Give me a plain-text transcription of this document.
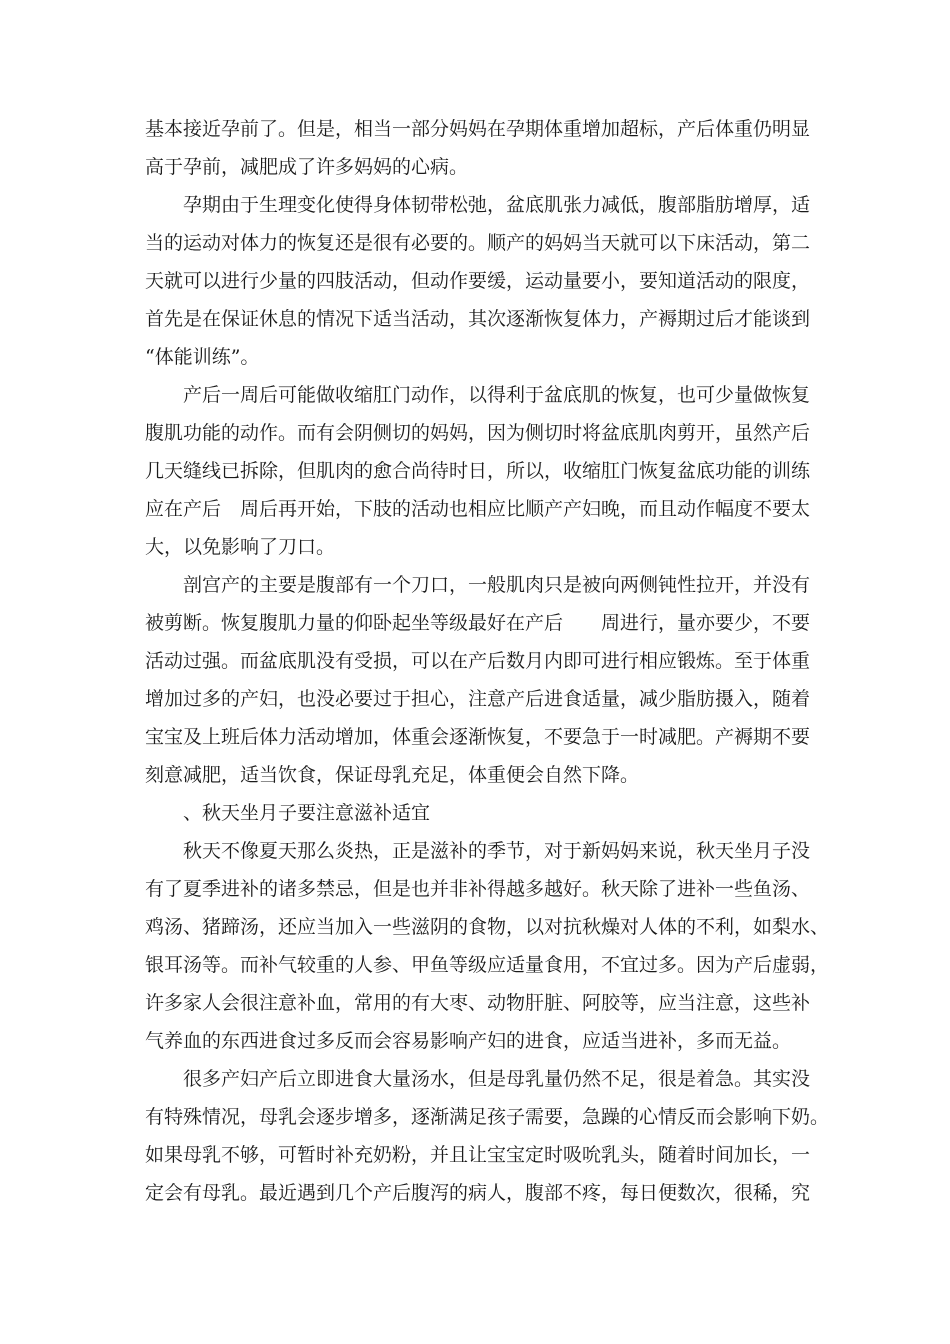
基本接近孕前了。但是，相当一部分妈妈在孕期体重增加超标，产后体重仍明显
高于孕前，减肥成了许多妈妈的心病。
孕期由于生理变化使得身体韧带松弛，盆底肌张力减低，腹部脂肪增厚，适
当的运动对体力的恢复还是很有必要的。顺产的妈妈当天就可以下床活动，第二
天就可以进行少量的四肢活动，但动作要缓，运动量要小，要知道活动的限度，
首先是在保证休息的情况下适当活动，其次逐渐恢复体力，产褥期过后才能谈到
“体能训练”。
产后一周后可能做收缩肛门动作，以得利于盆底肌的恢复，也可少量做恢复
腹肌功能的动作。而有会阴侧切的妈妈，因为侧切时将盆底肌肉剪开，虽然产后
几天缝线已拆除，但肌肉的愈合尚待时日，所以，收缩肛门恢复盆底功能的训练
应在产后　周后再开始，下肢的活动也相应比顺产产妇晚，而且动作幅度不要太
大，以免影响了刀口。
剖宫产的主要是腹部有一个刀口，一般肌肉只是被向两侧钝性拉开，并没有
被剪断。恢复腹肌力量的仰卧起坐等级最好在产后　　周进行，量亦要少，不要
活动过强。而盆底肌没有受损，可以在产后数月内即可进行相应锻炼。至于体重
增加过多的产妇，也没必要过于担心，注意产后进食适量，减少脂肪摄入，随着
宝宝及上班后体力活动增加，体重会逐渐恢复，不要急于一时减肥。产褥期不要
刻意减肥，适当饮食，保证母乳充足，体重便会自然下降。
、秋天坐月子要注意滋补适宜
秋天不像夏天那么炎热，正是滋补的季节，对于新妈妈来说，秋天坐月子没
有了夏季进补的诸多禁忌，但是也并非补得越多越好。秋天除了进补一些鱼汤、
鸡汤、猪蹄汤，还应当加入一些滋阴的食物，以对抗秋燥对人体的不利，如梨水、
银耳汤等。而补气较重的人参、甲鱼等级应适量食用，不宜过多。因为产后虚弱，
许多家人会很注意补血，常用的有大枣、动物肝脏、阿胶等，应当注意，这些补
气养血的东西进食过多反而会容易影响产妇的进食，应适当进补，多而无益。
很多产妇产后立即进食大量汤水，但是母乳量仍然不足，很是着急。其实没
有特殊情况，母乳会逐步增多，逐渐满足孩子需要，急躁的心情反而会影响下奶。
如果母乳不够，可暂时补充奶粉，并且让宝宝定时吸吮乳头，随着时间加长，一
定会有母乳。最近遇到几个产后腹泻的病人，腹部不疼，每日便数次，很稀，究
